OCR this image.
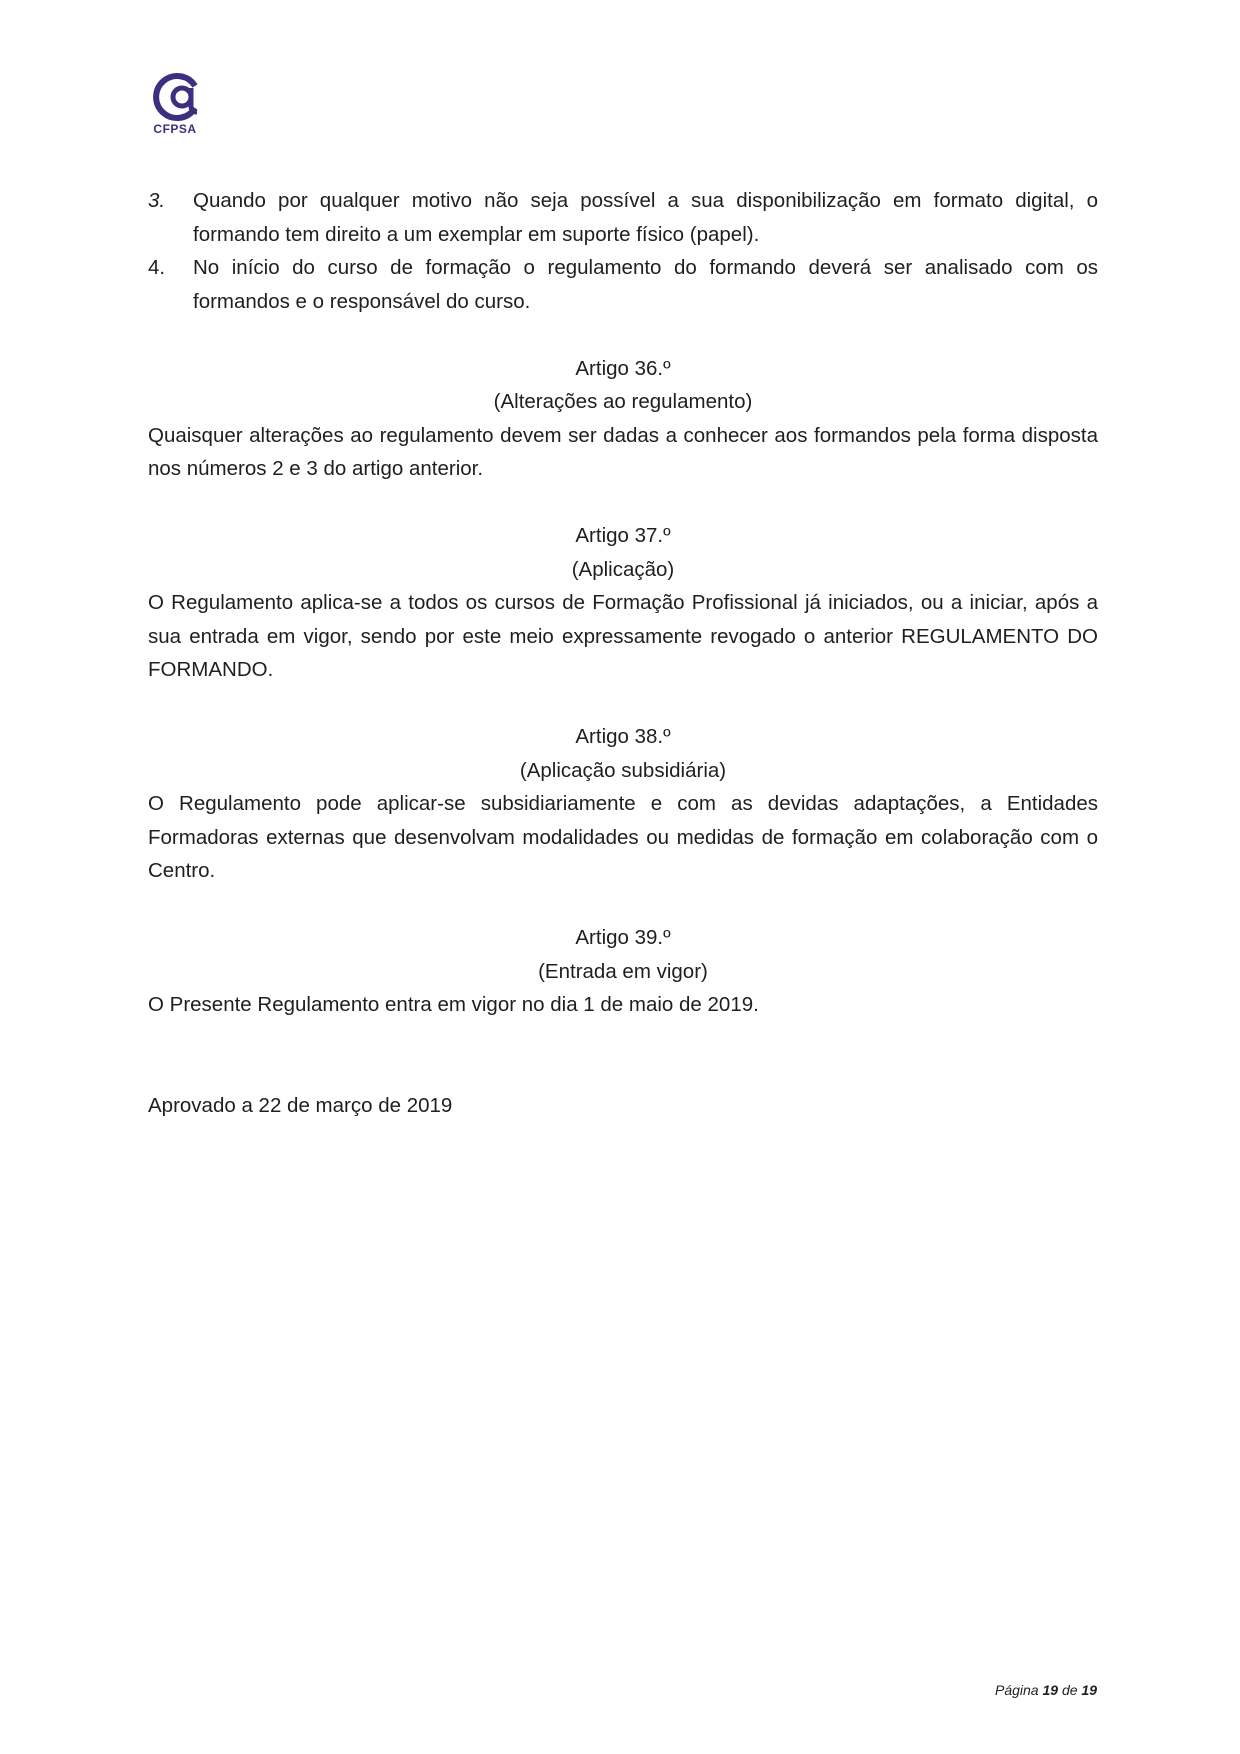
CFPSA
3. Quando por qualquer motivo não seja possível a sua disponibilização em formato digital, o formando tem direito a um exemplar em suporte físico (papel).
4. No início do curso de formação o regulamento do formando deverá ser analisado com os formandos e o responsável do curso.
Artigo 36.º
(Alterações ao regulamento)
Quaisquer alterações ao regulamento devem ser dadas a conhecer aos formandos pela forma disposta nos números 2 e 3 do artigo anterior.
Artigo 37.º
(Aplicação)
O Regulamento aplica-se a todos os cursos de Formação Profissional já iniciados, ou a iniciar, após a sua entrada em vigor, sendo por este meio expressamente revogado o anterior REGULAMENTO DO FORMANDO.
Artigo 38.º
(Aplicação subsidiária)
O Regulamento pode aplicar-se subsidiariamente e com as devidas adaptações, a Entidades Formadoras externas que desenvolvam modalidades ou medidas de formação em colaboração com o Centro.
Artigo 39.º
(Entrada em vigor)
O Presente Regulamento entra em vigor no dia 1 de maio de 2019.
Aprovado a 22 de março de 2019
Página 19 de 19
